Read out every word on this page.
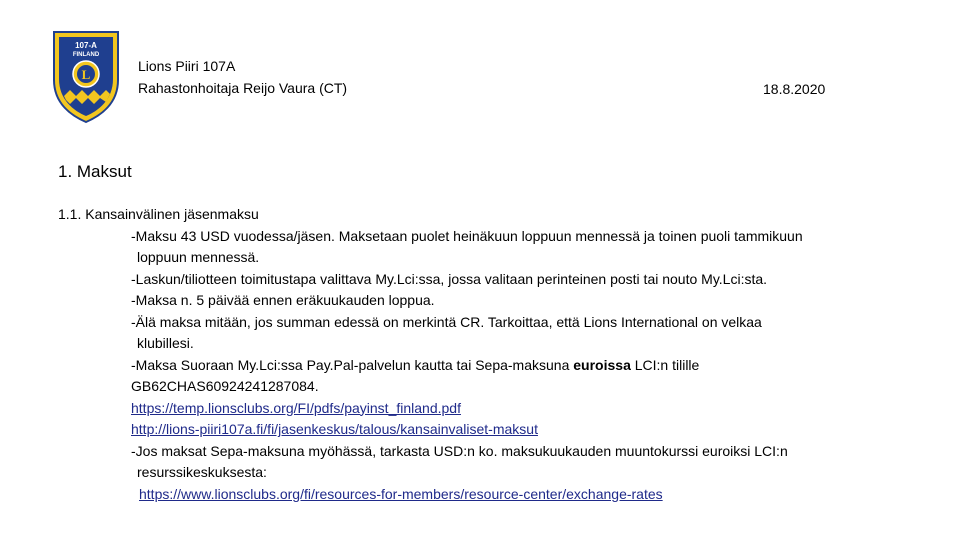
107-A
FINLAND
L
Lions Piiri 107A
Rahastonhoitaja Reijo Vaura (CT)	18.8.2020
1. Maksut
1.1. Kansainvälinen jäsenmaksu
-Maksu 43 USD vuodessa/jäsen. Maksetaan puolet heinäkuun loppuun mennessä ja toinen puoli tammikuun
loppuun mennessä.
-Laskun/tiliotteen toimitustapa valittava My.Lci:ssa, jossa valitaan perinteinen posti tai nouto My.Lci:sta.
-Maksa n. 5 päivää ennen eräkuukauden loppua.
-Älä maksa mitään, jos summan edessä on merkintä CR. Tarkoittaa, että Lions International on velkaa
klubillesi.
-Maksa Suoraan My.Lci:ssa Pay.Pal-palvelun kautta tai Sepa-maksuna euroissa LCI:n tilille
GB62CHAS60924241287084.
https://temp.lionsclubs.org/FI/pdfs/payinst_finland.pdf
http://lions-piiri107a.fi/fi/jasenkeskus/talous/kansainvaliset-maksut
-Jos maksat Sepa-maksuna myöhässä, tarkasta USD:n ko. maksukuukauden muuntokurssi euroiksi LCI:n
resurssikeskuksesta:
https://www.lionsclubs.org/fi/resources-for-members/resource-center/exchange-rates
